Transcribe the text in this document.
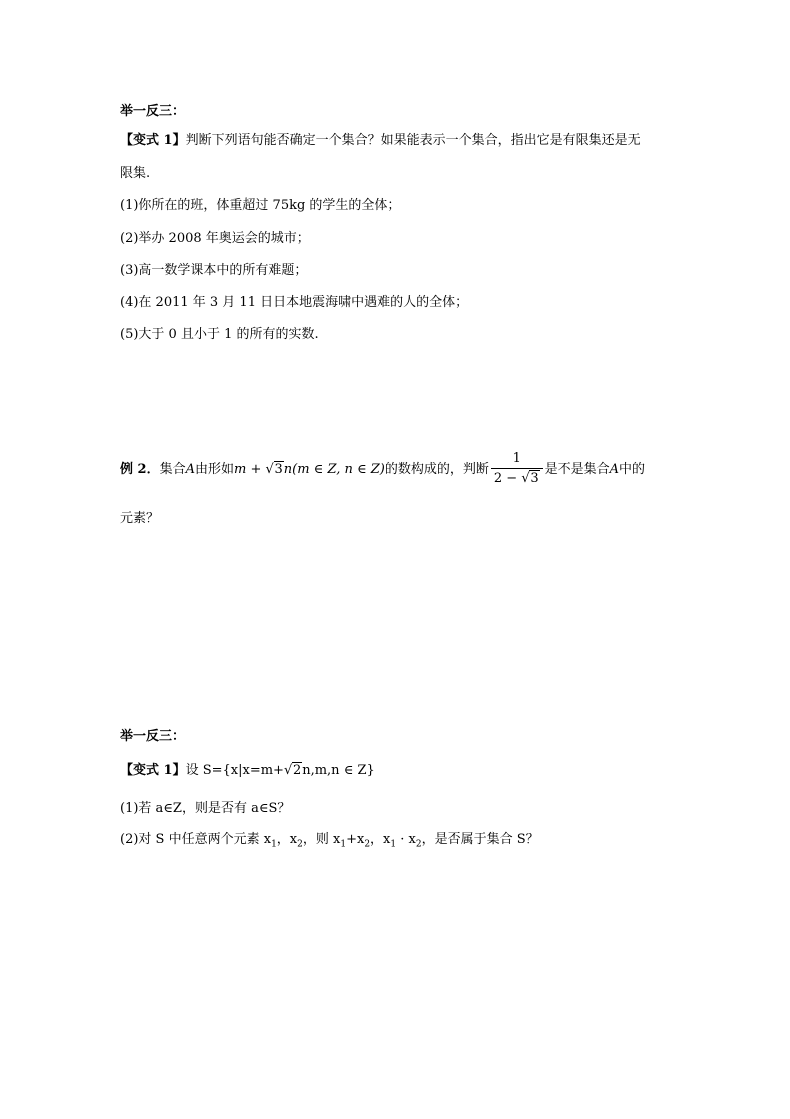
举一反三：
【变式 1】判断下列语句能否确定一个集合？如果能表示一个集合，指出它是有限集还是无
限集.
(1)你所在的班，体重超过 75kg 的学生的全体；
(2)举办 2008 年奥运会的城市；
(3)高一数学课本中的所有难题；
(4)在 2011 年 3 月 11 日日本地震海啸中遇难的人的全体；
(5)大于 0 且小于 1 的所有的实数.
例 2．集合A由形如m + √ 3n(m ∈ Z, n ∈ Z)的数构成的，判断 $\frac{1}{2 - √ 3}$ 是不是集合A中的
元素？
举一反三：
【变式 1】设 S={x|x=m+ √ 2n,m,n ∈ Z}
(1)若 a∈Z，则是否有 a∈S？
(2)对 S 中任意两个元素 $x_1$，$x_2$，则 $x_1+x_2$，$x_1 \cdot x_2$，是否属于集合 S？
